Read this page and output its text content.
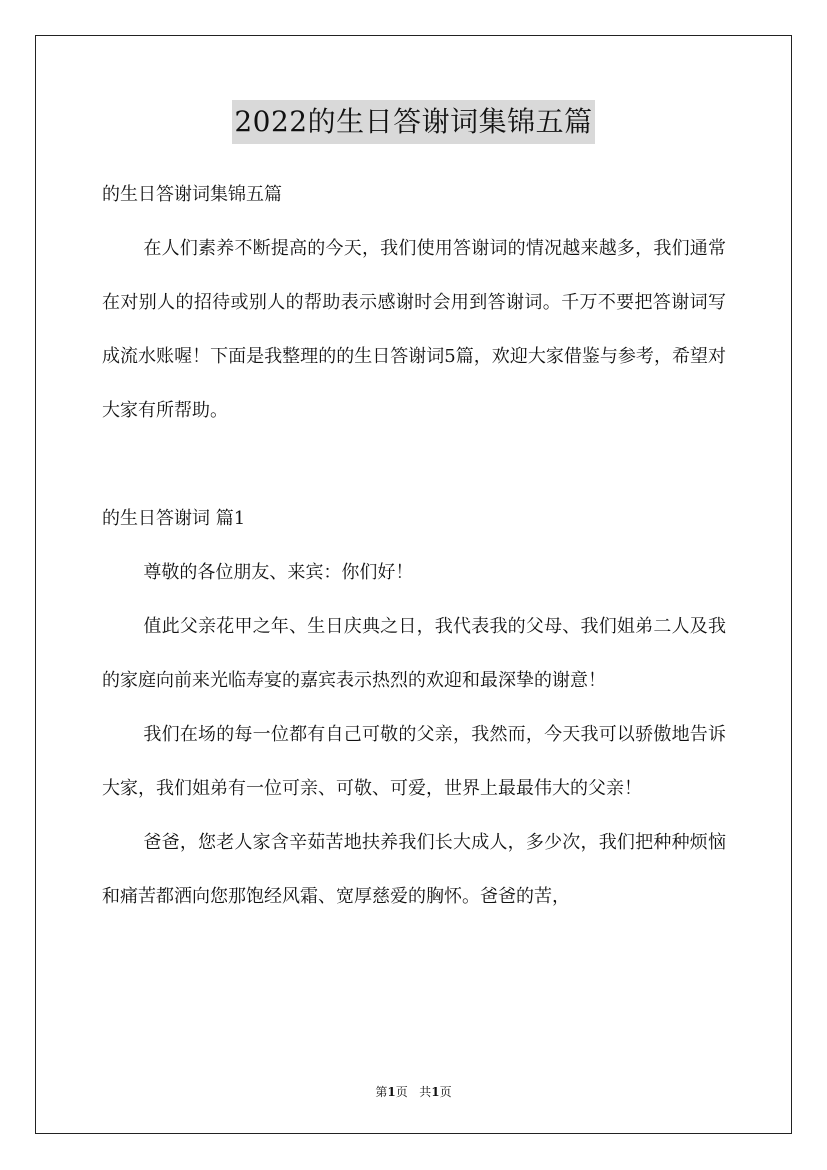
2022的生日答谢词集锦五篇

的生日答谢词集锦五篇

在人们素养不断提高的今天，我们使用答谢词的情况越来越多，我们通常在对别人的招待或别人的帮助表示感谢时会用到答谢词。千万不要把答谢词写成流水账喔！下面是我整理的的生日答谢词5篇，欢迎大家借鉴与参考，希望对大家有所帮助。

的生日答谢词 篇1

尊敬的各位朋友、来宾：你们好！

值此父亲花甲之年、生日庆典之日，我代表我的父母、我们姐弟二人及我的家庭向前来光临寿宴的嘉宾表示热烈的欢迎和最深挚的谢意！

我们在场的每一位都有自己可敬的父亲，我然而，今天我可以骄傲地告诉大家，我们姐弟有一位可亲、可敬、可爱，世界上最最伟大的父亲！

爸爸，您老人家含辛茹苦地扶养我们长大成人，多少次，我们把种种烦恼和痛苦都洒向您那饱经风霜、宽厚慈爱的胸怀。爸爸的苦，

第1页 共1页
